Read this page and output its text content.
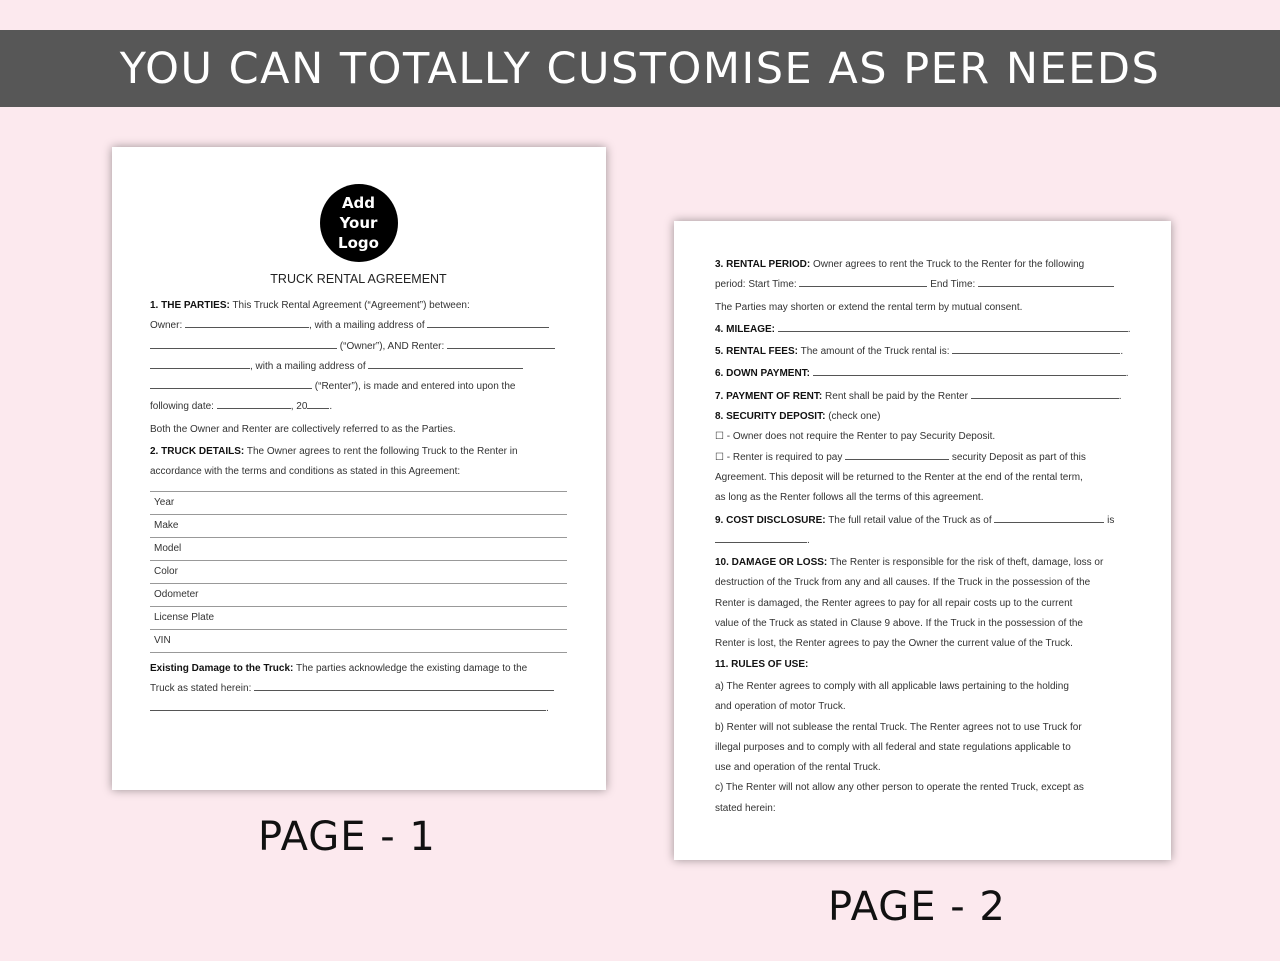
YOU CAN TOTALLY CUSTOMISE AS PER NEEDS
Add
Your
Logo
TRUCK RENTAL AGREEMENT
1. THE PARTIES: This Truck Rental Agreement (“Agreement”) between:
Owner:	, with a mailing address of
(“Owner”), AND Renter:
, with a mailing address of
(“Renter”), is made and entered into upon the
following date:	, 20 .
Both the Owner and Renter are collectively referred to as the Parties.
2. TRUCK DETAILS: The Owner agrees to rent the following Truck to the Renter in
accordance with the terms and conditions as stated in this Agreement:
Year
Make
Model
Color
Odometer
License Plate
VIN
Existing Damage to the Truck: The parties acknowledge the existing damage to the
Truck as stated herein:
.
3. RENTAL PERIOD: Owner agrees to rent the Truck to the Renter for the following
period: Start Time:	End Time:
The Parties may shorten or extend the rental term by mutual consent.
4. MILEAGE:	.
5. RENTAL FEES: The amount of the Truck rental is:	.
6. DOWN PAYMENT:	.
7. PAYMENT OF RENT: Rent shall be paid by the Renter	.
8. SECURITY DEPOSIT: (check one)
☐ - Owner does not require the Renter to pay Security Deposit.
☐ - Renter is required to pay	security Deposit as part of this
Agreement. This deposit will be returned to the Renter at the end of the rental term,
as long as the Renter follows all the terms of this agreement.
9. COST DISCLOSURE: The full retail value of the Truck as of	is
.
10. DAMAGE OR LOSS: The Renter is responsible for the risk of theft, damage, loss or
destruction of the Truck from any and all causes. If the Truck in the possession of the
Renter is damaged, the Renter agrees to pay for all repair costs up to the current
value of the Truck as stated in Clause 9 above. If the Truck in the possession of the
Renter is lost, the Renter agrees to pay the Owner the current value of the Truck.
11. RULES OF USE:
a) The Renter agrees to comply with all applicable laws pertaining to the holding
and operation of motor Truck.
b) Renter will not sublease the rental Truck. The Renter agrees not to use Truck for
illegal purposes and to comply with all federal and state regulations applicable to
use and operation of the rental Truck.
c) The Renter will not allow any other person to operate the rented Truck, except as
stated herein:
PAGE - 1
PAGE - 2
